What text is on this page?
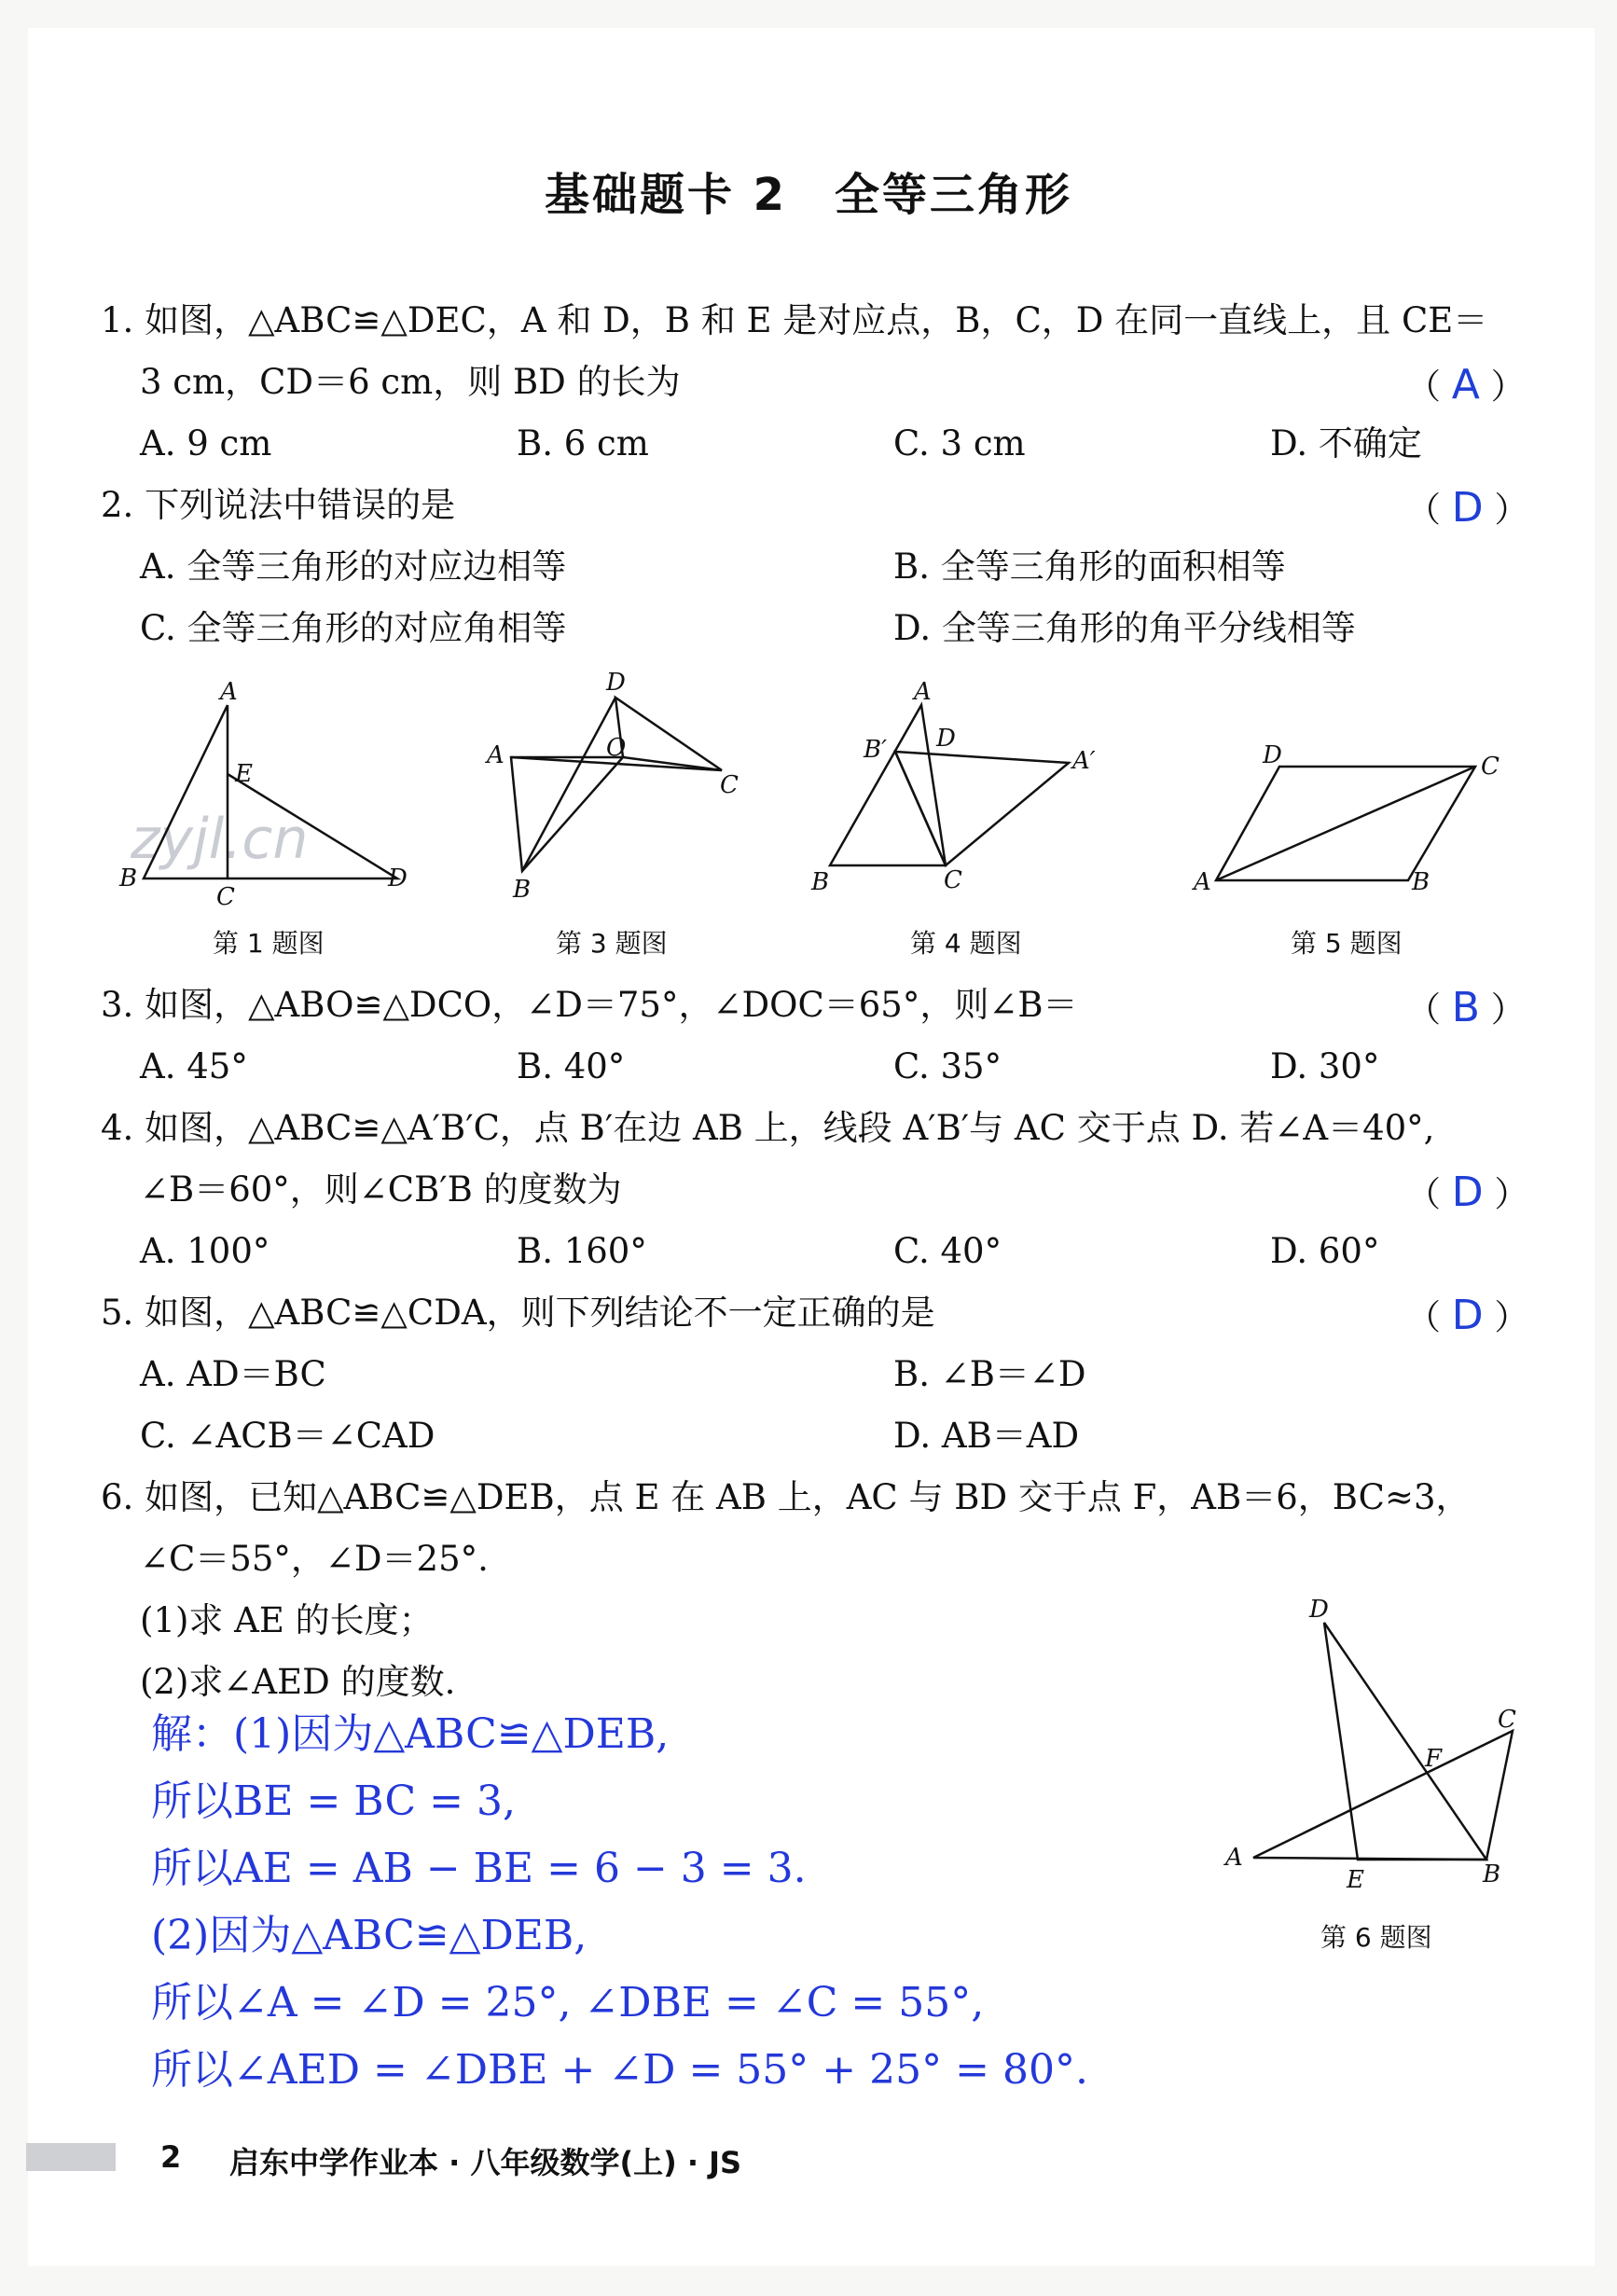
基础题卡 2　全等三角形
1. 如图，△ABC≌△DEC，A 和 D，B 和 E 是对应点，B，C，D 在同一直线上，且 CE＝
3 cm，CD＝6 cm，则 BD 的长为	（ A ）
A. 9 cm	B. 6 cm	C. 3 cm	D. 不确定
2. 下列说法中错误的是	（ D ）
A. 全等三角形的对应边相等	B. 全等三角形的面积相等
C. 全等三角形的对应角相等	D. 全等三角形的角平分线相等
zyjl.cn
A
E
B
C
D
第 1 题图
D
A	O
C
B
第 3 题图
A
B′ D
A′
B	C
第 4 题图
D	C
A	B
第 5 题图
3. 如图，△ABO≌△DCO，∠D＝75°，∠DOC＝65°，则∠B＝	（ B ）
A. 45°	B. 40°	C. 35°	D. 30°
4. 如图，△ABC≌△A′B′C，点 B′在边 AB 上，线段 A′B′与 AC 交于点 D. 若∠A＝40°,
∠B＝60°，则∠CB′B 的度数为	（ D ）
A. 100°	B. 160°	C. 40°	D. 60°
5. 如图，△ABC≌△CDA，则下列结论不一定正确的是	（ D ）
A. AD＝BC	B. ∠B＝∠D
C. ∠ACB＝∠CAD	D. AB＝AD
6. 如图，已知△ABC≌△DEB，点 E 在 AB 上，AC 与 BD 交于点 F，AB＝6，BC≈3，
∠C＝55°，∠D＝25°.
(1)求 AE 的长度；
(2)求∠AED 的度数.
解：(1)因为△ABC≌△DEB,
所以BE = BC = 3,
所以AE = AB − BE = 6 − 3 = 3.
(2)因为△ABC≌△DEB,
所以∠A = ∠D = 25°, ∠DBE = ∠C = 55°,
所以∠AED = ∠DBE + ∠D = 55° + 25° = 80°.
D
C
F
A
E	B
第 6 题图
2 启东中学作业本 · 八年级数学(上) · JS
